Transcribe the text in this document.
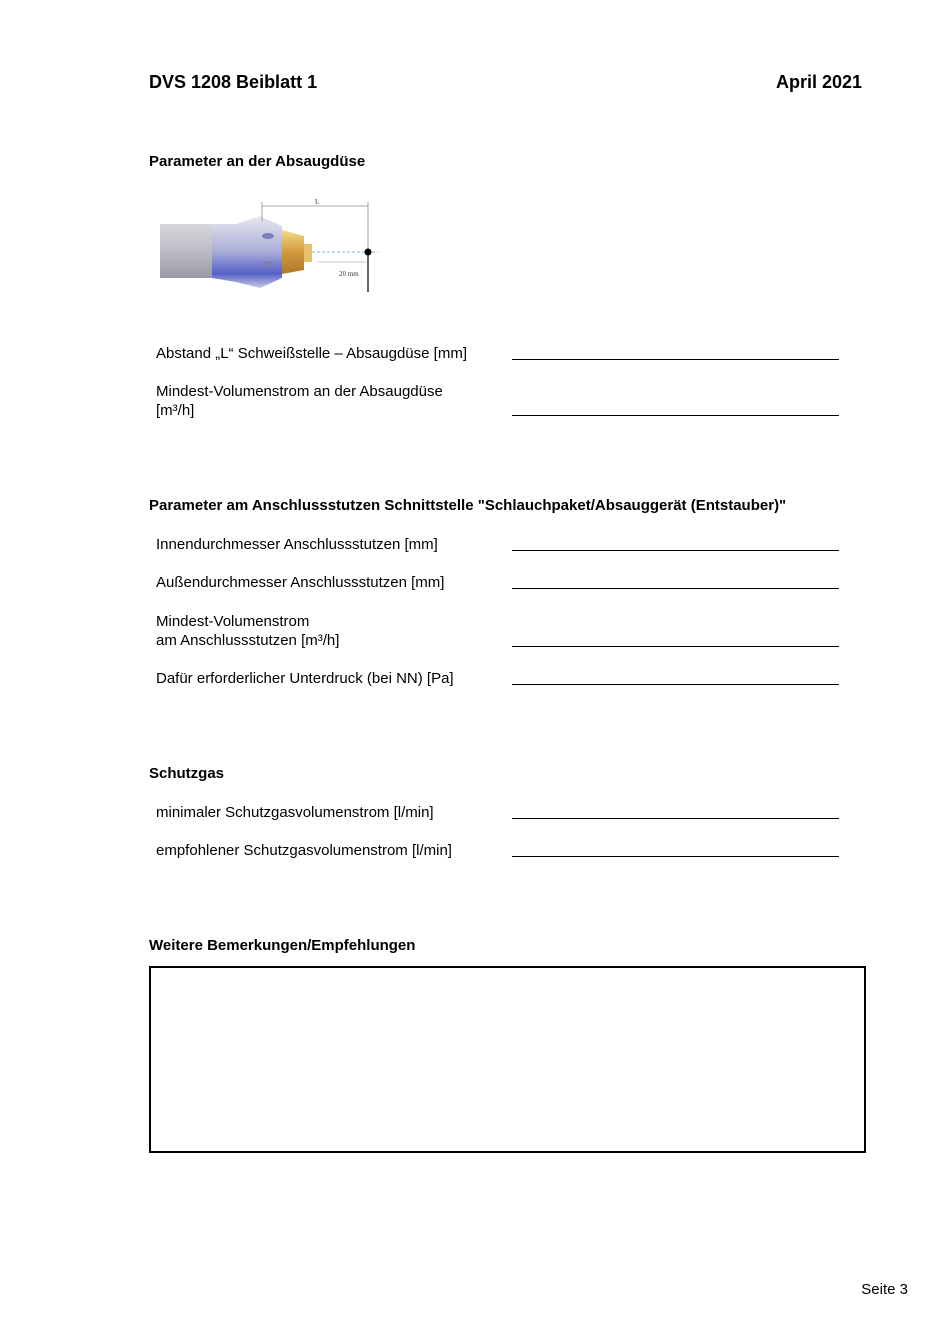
DVS 1208 Beiblatt 1	April 2021
Parameter an der Absaugdüse
L
20 mm
Abstand „L“ Schweißstelle – Absaugdüse [mm]
Mindest-Volumenstrom an der Absaugdüse
[m³/h]
Parameter am Anschlussstutzen Schnittstelle "Schlauchpaket/Absauggerät (Entstauber)"
Innendurchmesser Anschlussstutzen [mm]
Außendurchmesser Anschlussstutzen [mm]
Mindest-Volumenstrom
am Anschlussstutzen [m³/h]
Dafür erforderlicher Unterdruck (bei NN) [Pa]
Schutzgas
minimaler Schutzgasvolumenstrom [l/min]
empfohlener Schutzgasvolumenstrom [l/min]
Weitere Bemerkungen/Empfehlungen
Seite 3
